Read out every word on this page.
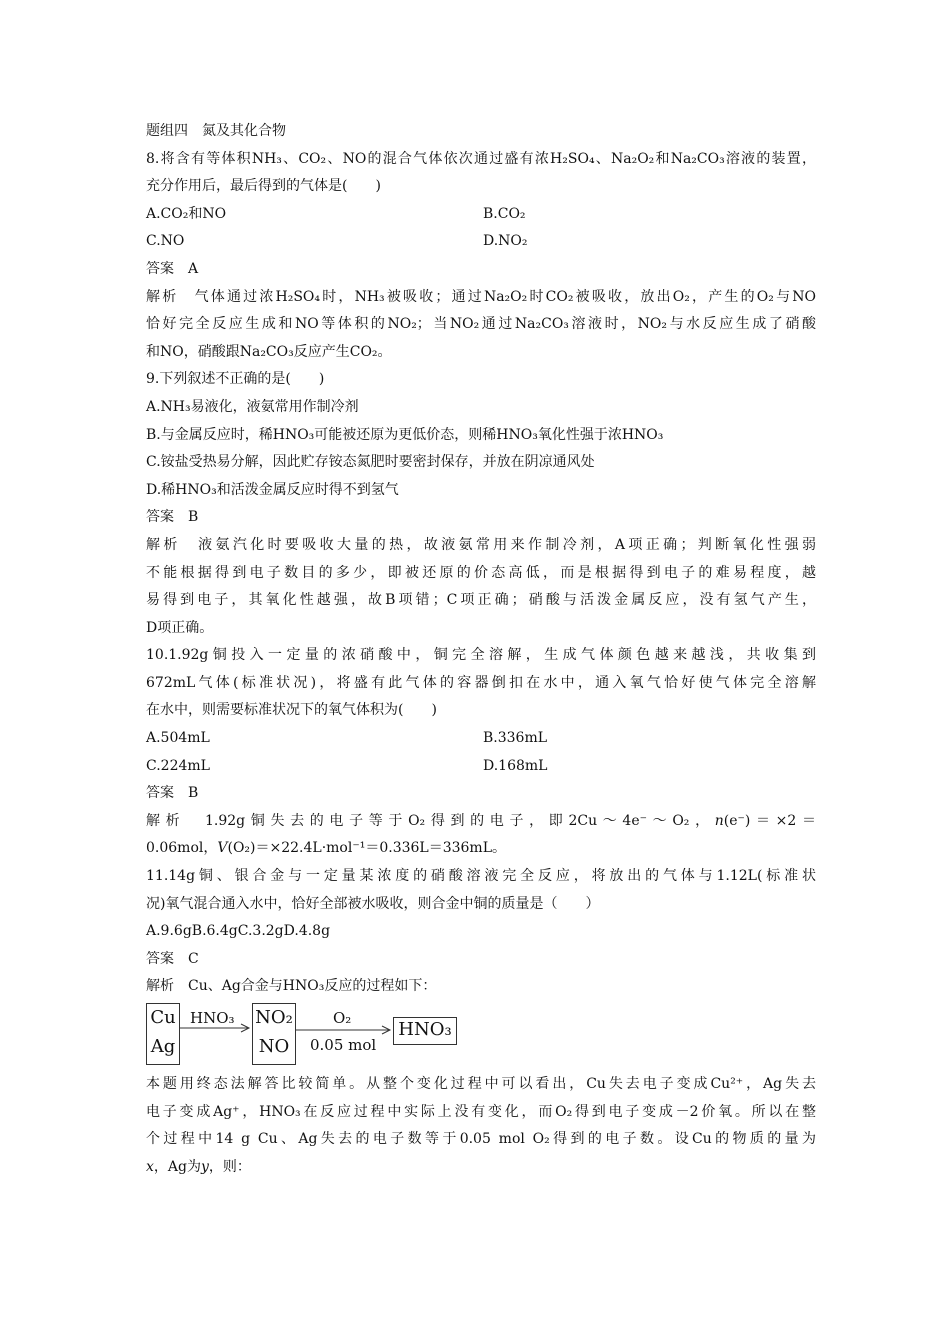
题组四　氮及其化合物
8.将含有等体积NH₃、CO₂、NO的混合气体依次通过盛有浓H₂SO₄、Na₂O₂和Na₂CO₃溶液的装置，
充分作用后，最后得到的气体是(　　)
A.CO₂和NO	B.CO₂
C.NO	D.NO₂
答案　A
解析　气体通过浓H₂SO₄时，NH₃被吸收；通过Na₂O₂时CO₂被吸收，放出O₂，产生的O₂与NO
恰好完全反应生成和NO等体积的NO₂；当NO₂通过Na₂CO₃溶液时，NO₂与水反应生成了硝酸
和NO，硝酸跟Na₂CO₃反应产生CO₂。
9.下列叙述不正确的是(　　)
A.NH₃易液化，液氨常用作制冷剂
B.与金属反应时，稀HNO₃可能被还原为更低价态，则稀HNO₃氧化性强于浓HNO₃
C.铵盐受热易分解，因此贮存铵态氮肥时要密封保存，并放在阴凉通风处
D.稀HNO₃和活泼金属反应时得不到氢气
答案　B
解析　液氨汽化时要吸收大量的热，故液氨常用来作制冷剂，A项正确；判断氧化性强弱
不能根据得到电子数目的多少，即被还原的价态高低，而是根据得到电子的难易程度，越
易得到电子，其氧化性越强，故B项错；C项正确；硝酸与活泼金属反应，没有氢气产生，
D项正确。
10.1.92g铜投入一定量的浓硝酸中，铜完全溶解，生成气体颜色越来越浅，共收集到
672mL气体(标准状况)，将盛有此气体的容器倒扣在水中，通入氧气恰好使气体完全溶解
在水中，则需要标准状况下的氧气体积为(　　)
A.504mL	B.336mL
C.224mL	D.168mL
答案　B
解析　1.92g铜失去的电子等于O₂得到的电子，即2Cu～4e⁻～O₂，n(e⁻)＝×2＝
0.06mol，V(O₂)＝×22.4L·mol⁻¹＝0.336L＝336mL。
11.14g铜、银合金与一定量某浓度的硝酸溶液完全反应，将放出的气体与1.12L(标准状
况)氧气混合通入水中，恰好全部被水吸收，则合金中铜的质量是（　　）
A.9.6gB.6.4gC.3.2gD.4.8g
答案　C
解析　Cu、Ag合金与HNO₃反应的过程如下：
Cu
Ag
HNO₃ NO₂
NO
O₂
0.05 mol
HNO₃
本题用终态法解答比较简单。从整个变化过程中可以看出，Cu失去电子变成Cu²⁺，Ag失去
电子变成Ag⁺，HNO₃在反应过程中实际上没有变化，而O₂得到电子变成－2价氧。所以在整
个过程中14 g Cu、Ag失去的电子数等于0.05 mol O₂得到的电子数。设Cu的物质的量为
x，Ag为y，则：
